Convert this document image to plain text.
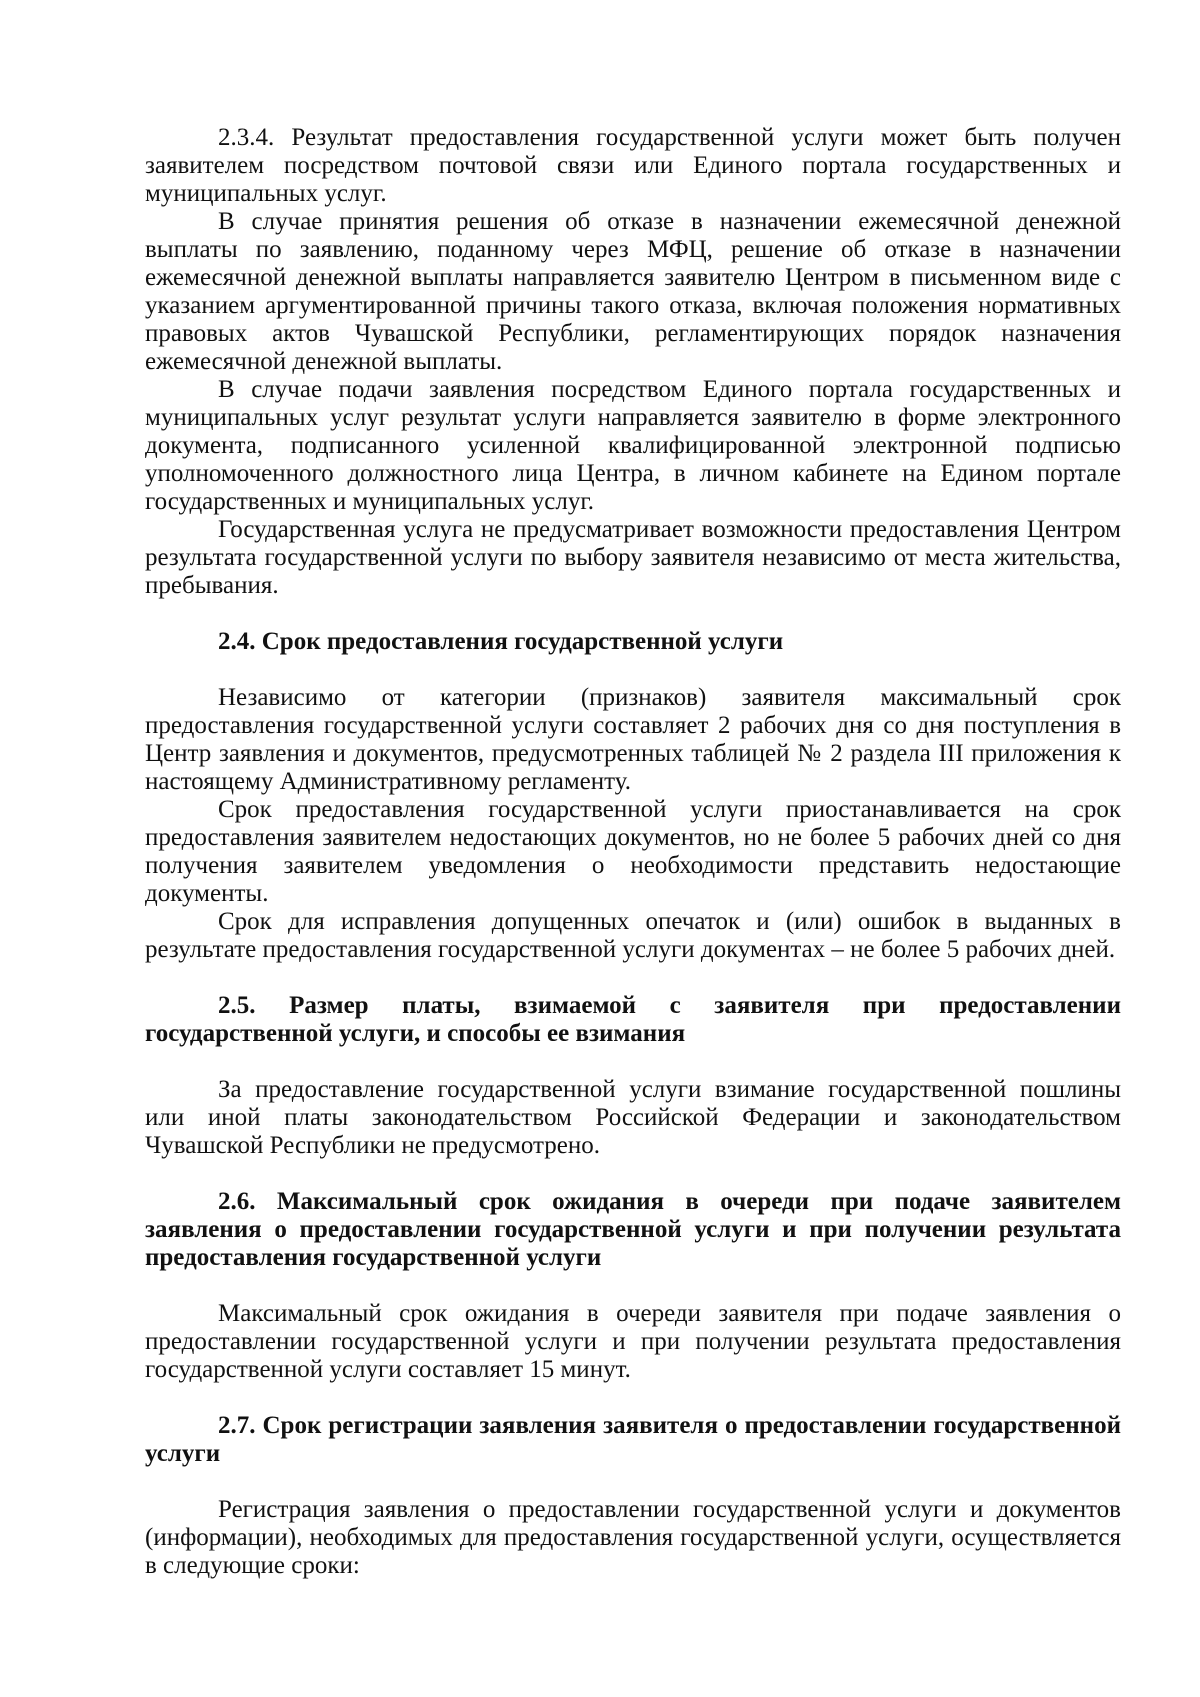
2.3.4. Результат предоставления государственной услуги может быть получен заявителем посредством почтовой связи или Единого портала государственных и муниципальных услуг.

В случае принятия решения об отказе в назначении ежемесячной денежной выплаты по заявлению, поданному через МФЦ, решение об отказе в назначении ежемесячной денежной выплаты направляется заявителю Центром в письменном виде с указанием аргументированной причины такого отказа, включая положения нормативных правовых актов Чувашской Республики, регламентирующих порядок назначения ежемесячной денежной выплаты.

В случае подачи заявления посредством Единого портала государственных и муниципальных услуг результат услуги направляется заявителю в форме электронного документа, подписанного усиленной квалифицированной электронной подписью уполномоченного должностного лица Центра, в личном кабинете на Едином портале государственных и муниципальных услуг.

Государственная услуга не предусматривает возможности предоставления Центром результата государственной услуги по выбору заявителя независимо от места жительства, пребывания.

2.4. Срок предоставления государственной услуги

Независимо от категории (признаков) заявителя максимальный срок предоставления государственной услуги составляет 2 рабочих дня со дня поступления в Центр заявления и документов, предусмотренных таблицей № 2 раздела III приложения к настоящему Административному регламенту.

Срок предоставления государственной услуги приостанавливается на срок предоставления заявителем недостающих документов, но не более 5 рабочих дней со дня получения заявителем уведомления о необходимости представить недостающие документы.

Срок для исправления допущенных опечаток и (или) ошибок в выданных в результате предоставления государственной услуги документах – не более 5 рабочих дней.

2.5. Размер платы, взимаемой с заявителя при предоставлении государственной услуги, и способы ее взимания

За предоставление государственной услуги взимание государственной пошлины или иной платы законодательством Российской Федерации и законодательством Чувашской Республики не предусмотрено.

2.6. Максимальный срок ожидания в очереди при подаче заявителем заявления о предоставлении государственной услуги и при получении результата предоставления государственной услуги

Максимальный срок ожидания в очереди заявителя при подаче заявления о предоставлении государственной услуги и при получении результата предоставления государственной услуги составляет 15 минут.

2.7. Срок регистрации заявления заявителя о предоставлении государственной услуги

Регистрация заявления о предоставлении государственной услуги и документов (информации), необходимых для предоставления государственной услуги, осуществляется в следующие сроки:
